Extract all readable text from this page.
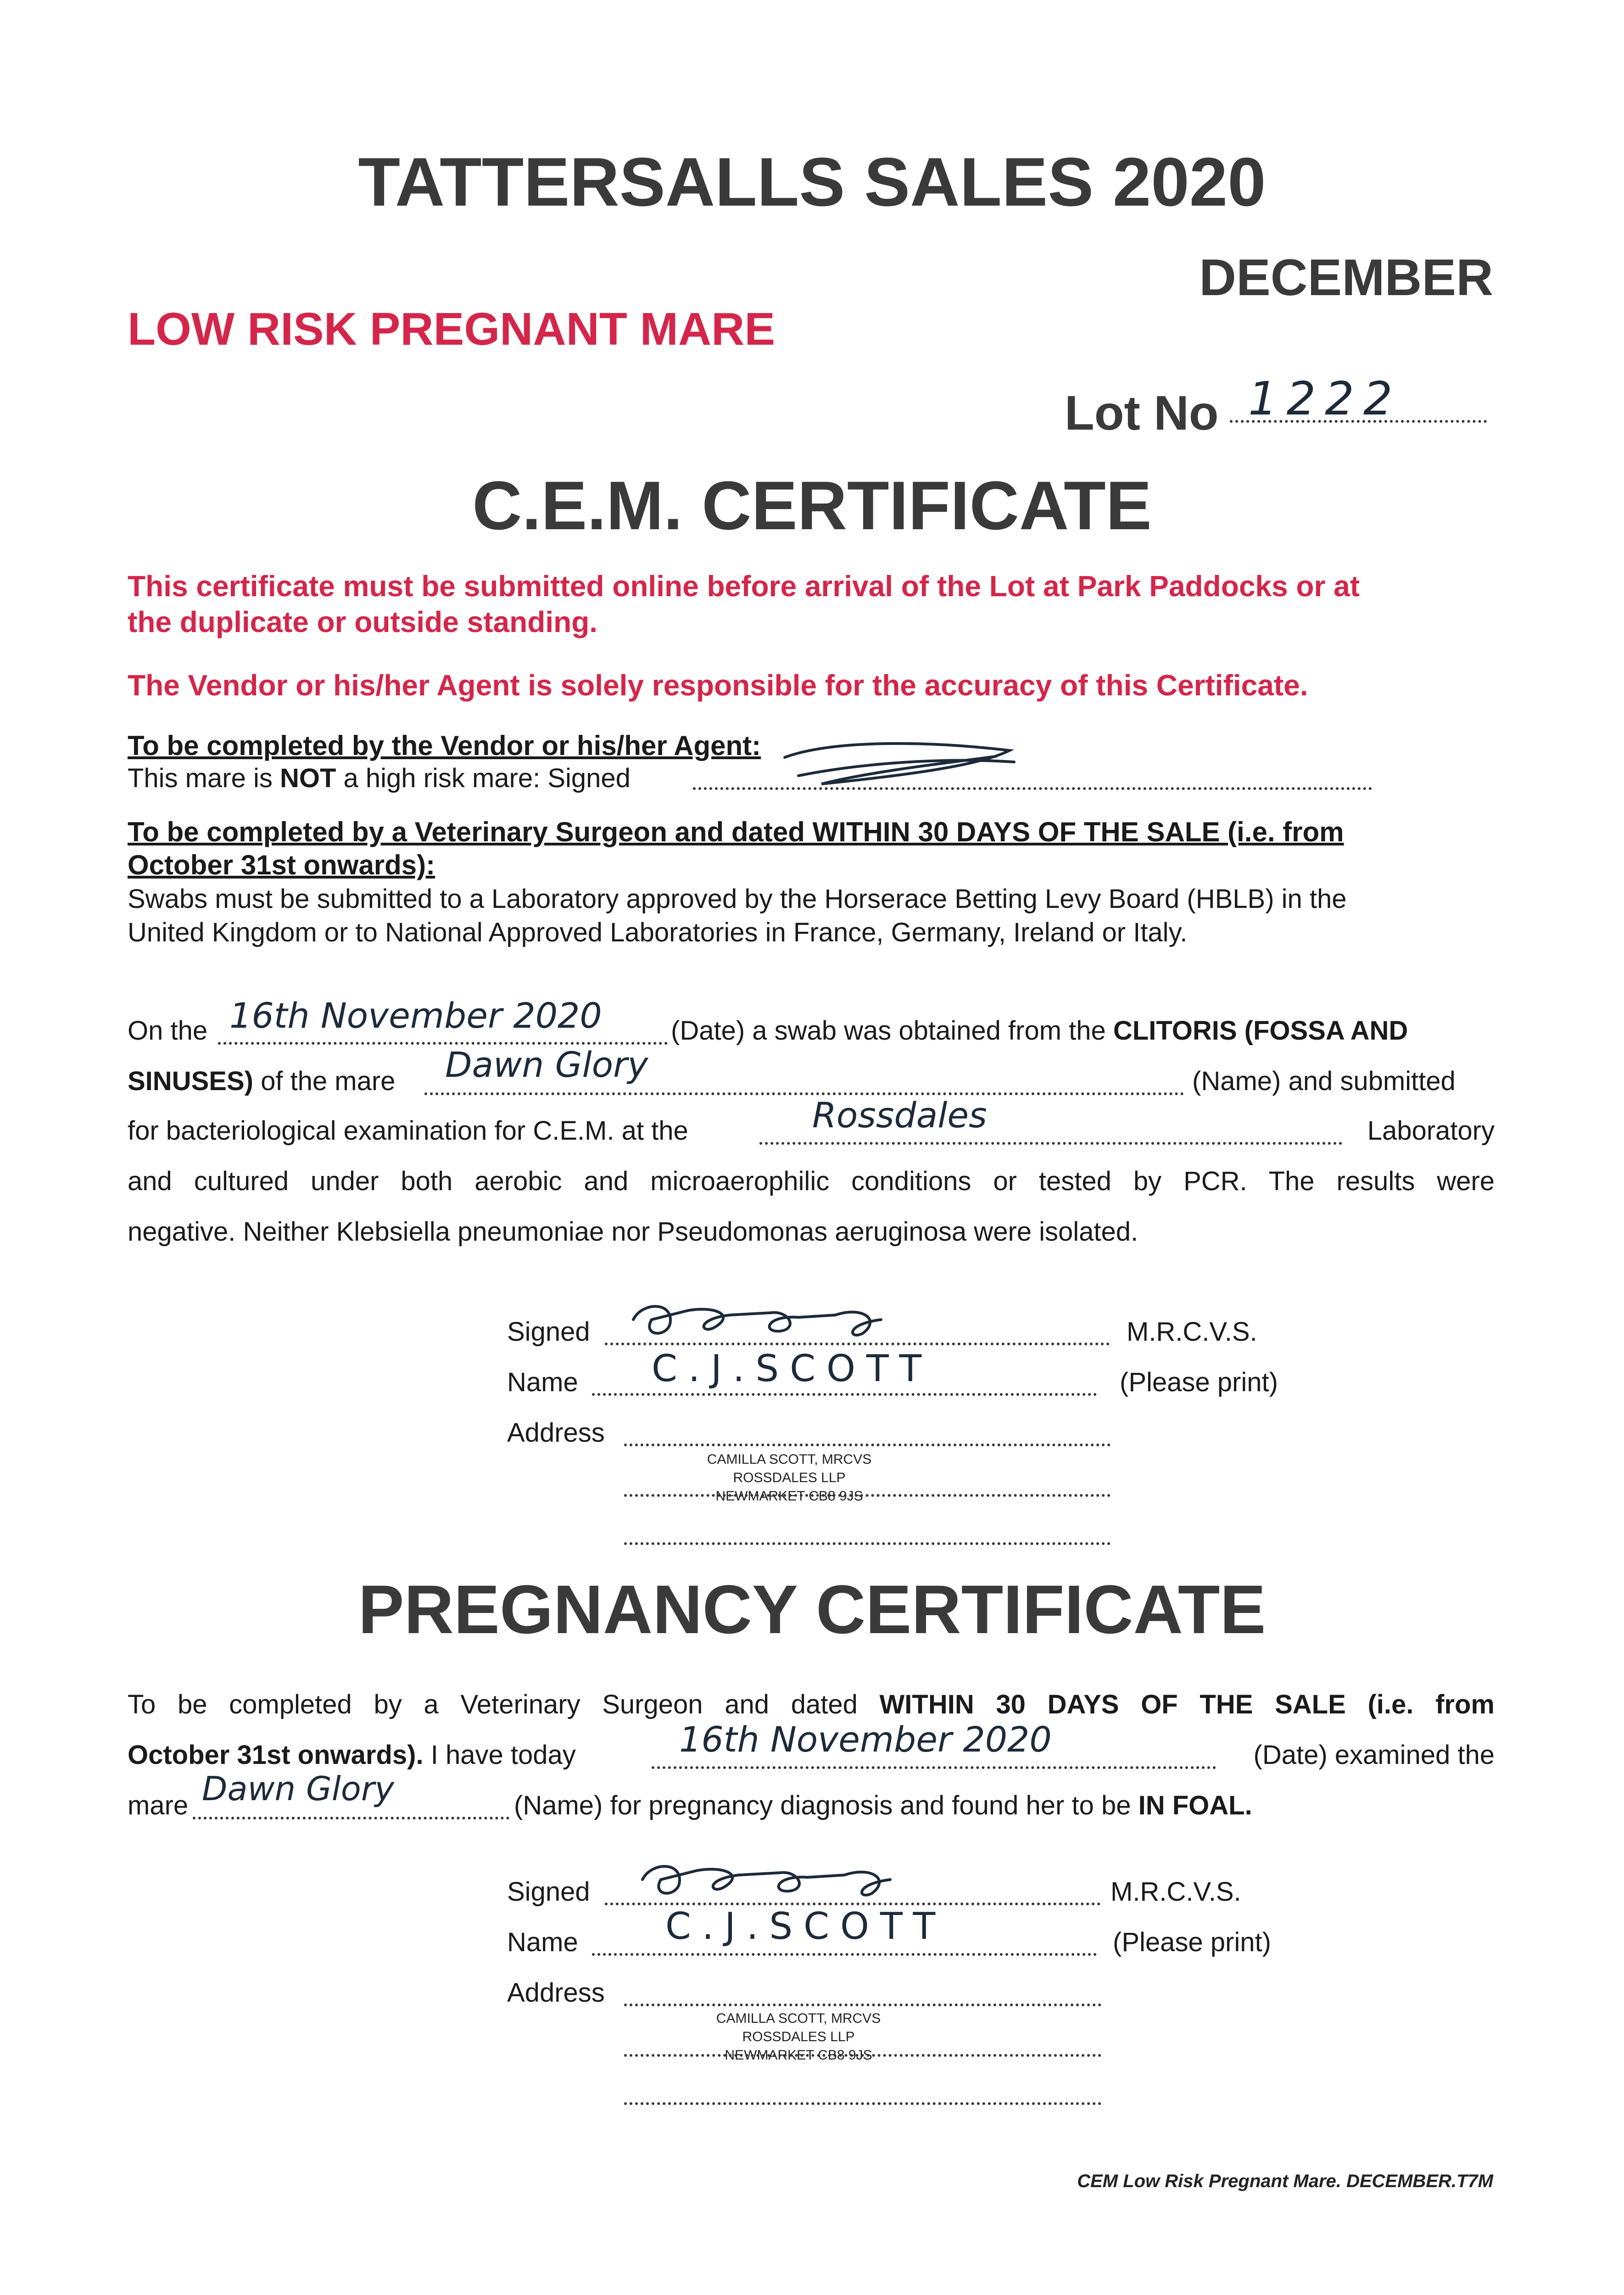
TATTERSALLS SALES 2020
DECEMBER
LOW RISK PREGNANT MARE
Lot No 1222
C.E.M. CERTIFICATE
This certificate must be submitted online before arrival of the Lot at Park Paddocks or at
the duplicate or outside standing.
The Vendor or his/her Agent is solely responsible for the accuracy of this Certificate.
To be completed by the Vendor or his/her Agent:
This mare is NOT a high risk mare: Signed
To be completed by a Veterinary Surgeon and dated WITHIN 30 DAYS OF THE SALE (i.e. from
October 31st onwards):
Swabs must be submitted to a Laboratory approved by the Horserace Betting Levy Board (HBLB) in the
United Kingdom or to National Approved Laboratories in France, Germany, Ireland or Italy.
On the 16th November 2020	(Date) a swab was obtained from the CLITORIS (FOSSA AND
SINUSES) of the mare Dawn Glory	(Name) and submitted
for bacteriological examination for C.E.M. at the	Rossdales	Laboratory
and cultured under both aerobic and microaerophilic conditions or tested by PCR. The results were
negative. Neither Klebsiella pneumoniae nor Pseudomonas aeruginosa were isolated.
Signed	M.R.C.V.S.
Name C.J.SCOTT	(Please print)
Address
CAMILLA SCOTT, MRCVS
ROSSDALES LLP
NEWMARKET CB8 9JS
PREGNANCY CERTIFICATE
To be completed by a Veterinary Surgeon and dated WITHIN 30 DAYS OF THE SALE (i.e. from
October 31st onwards). I have today	16th November 2020	(Date) examined the
mare Dawn Glory	(Name) for pregnancy diagnosis and found her to be IN FOAL.
Signed	M.R.C.V.S.
Name C.J.SCOTT	(Please print)
Address
CAMILLA SCOTT, MRCVS
ROSSDALES LLP
NEWMARKET CB8 9JS
CEM Low Risk Pregnant Mare. DECEMBER.T7M
